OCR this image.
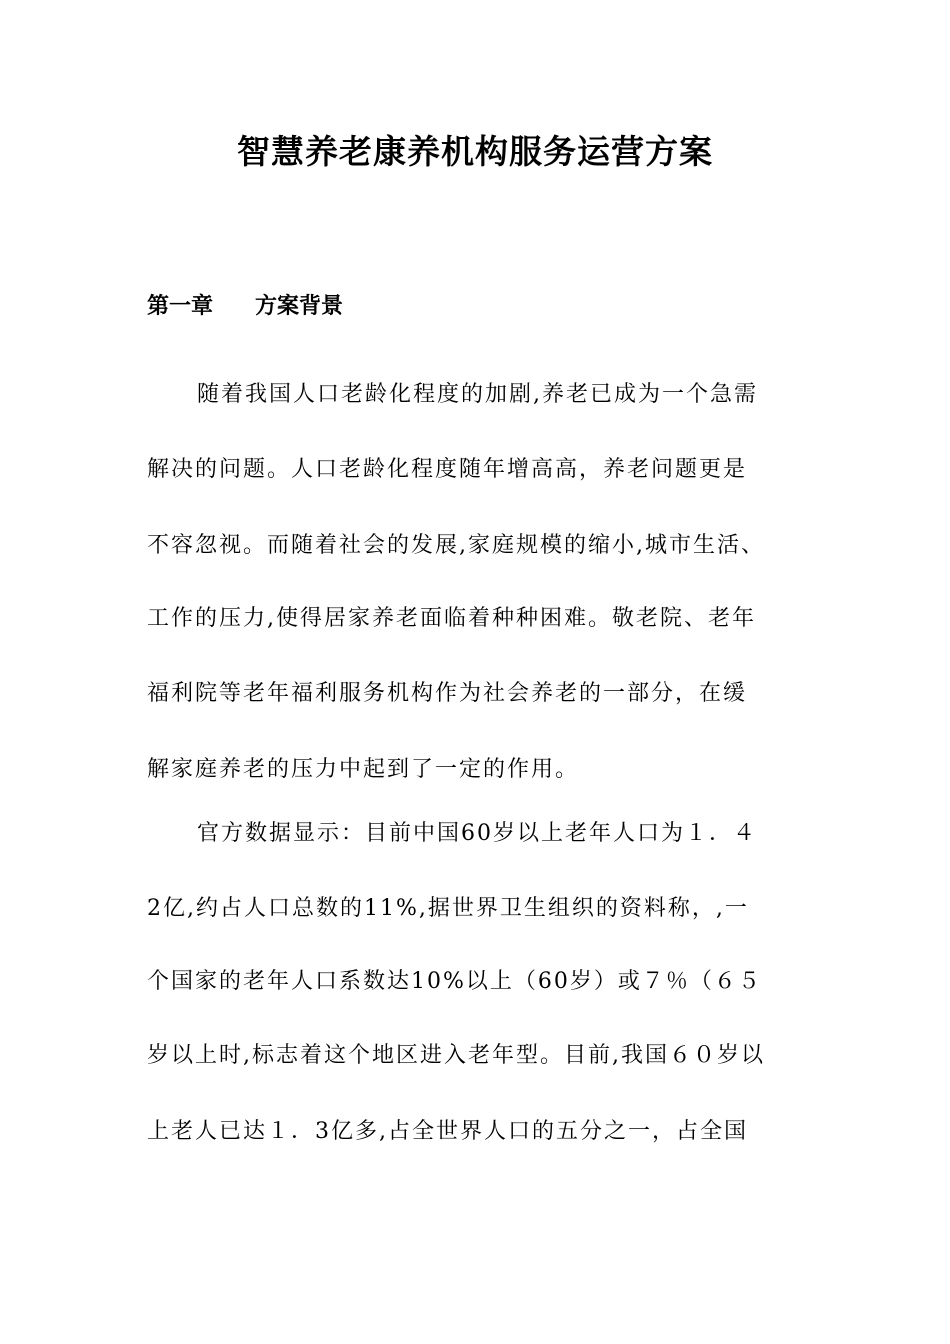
智慧养老康养机构服务运营方案
第一章 方案背景
随着我国人口老龄化程度的加剧,养老已成为一个急需
解决的问题。人口老龄化程度随年增高高，养老问题更是
不容忽视。而随着社会的发展,家庭规模的缩小,城市生活、
工作的压力,使得居家养老面临着种种困难。敬老院、老年
福利院等老年福利服务机构作为社会养老的一部分，在缓
解家庭养老的压力中起到了一定的作用。
官方数据显示：目前中国60岁以上老年人口为１．４
2亿,约占人口总数的11%,据世界卫生组织的资料称，,一
个国家的老年人口系数达10%以上（60岁）或７％（６５
岁以上时,标志着这个地区进入老年型。目前,我国６０岁以
上老人已达１．3亿多,占全世界人口的五分之一，占全国
